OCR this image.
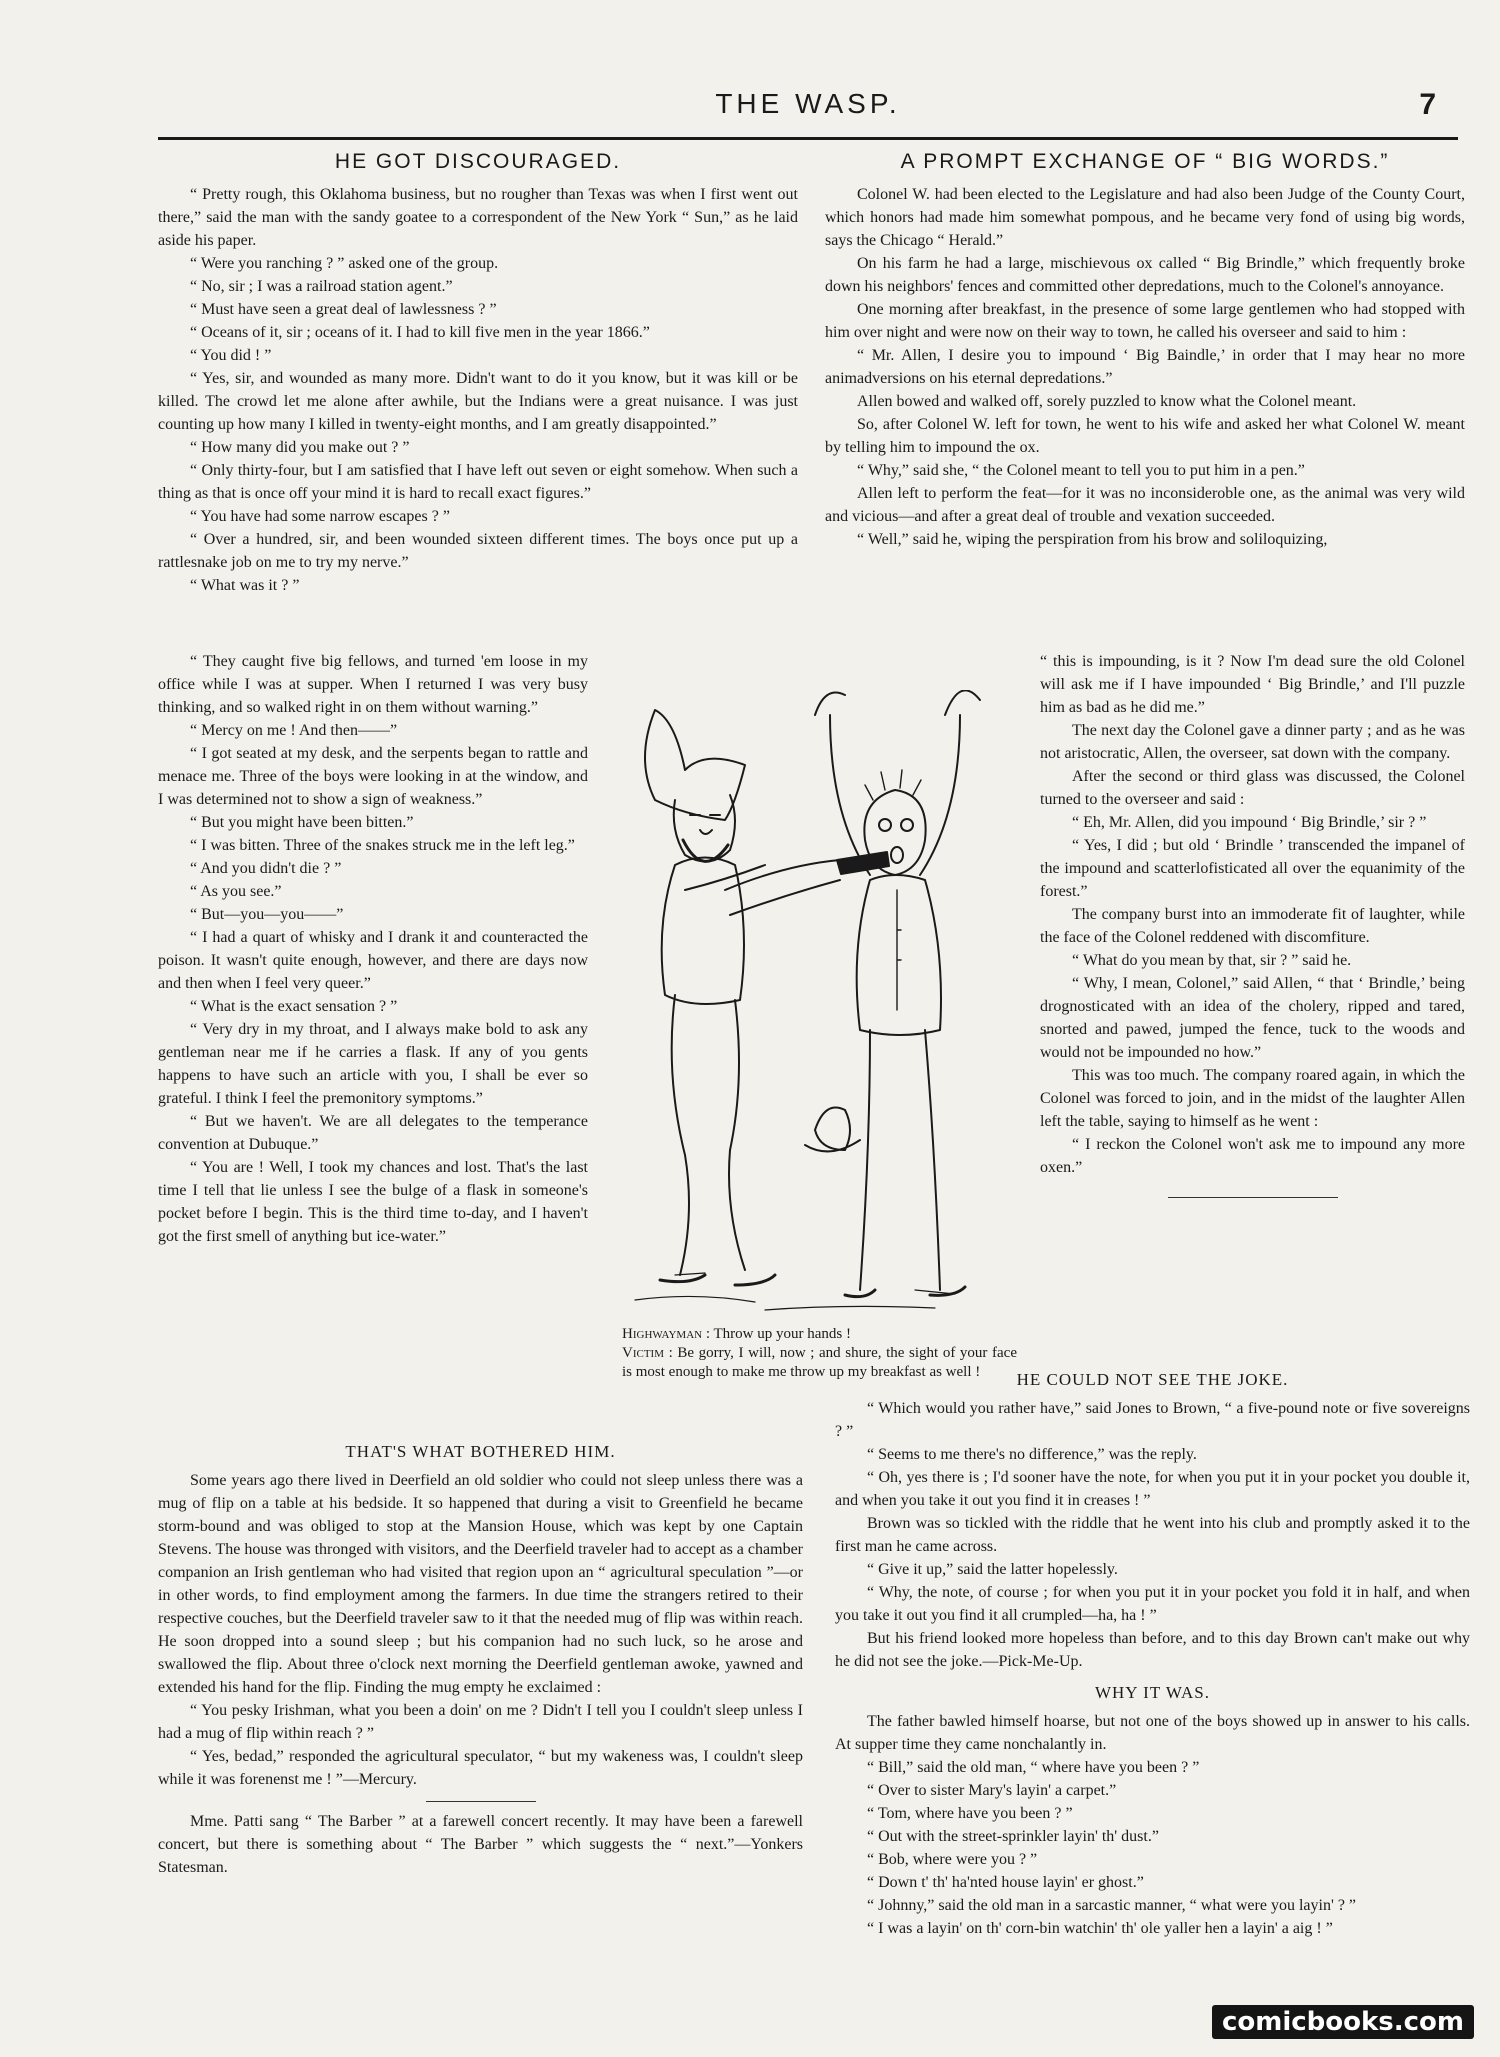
THE WASP.	7
HE GOT DISCOURAGED.

“ Pretty rough, this Oklahoma business, but no rougher than Texas was when I first went out there,” said the man with the sandy goatee to a correspondent of the New York “ Sun,” as he laid aside his paper.

“ Were you ranching ? ” asked one of the group.

“ No, sir ; I was a railroad station agent.”

“ Must have seen a great deal of lawlessness ? ”

“ Oceans of it, sir ; oceans of it. I had to kill five men in the year 1866.”

“ You did ! ”

“ Yes, sir, and wounded as many more. Didn't want to do it you know, but it was kill or be killed. The crowd let me alone after awhile, but the Indians were a great nuisance. I was just counting up how many I killed in twenty-eight months, and I am greatly disappointed.”

“ How many did you make out ? ”

“ Only thirty-four, but I am satisfied that I have left out seven or eight somehow. When such a thing as that is once off your mind it is hard to recall exact figures.”

“ You have had some narrow escapes ? ”

“ Over a hundred, sir, and been wounded sixteen different times. The boys once put up a rattlesnake job on me to try my nerve.”

“ What was it ? ”

“ They caught five big fellows, and turned 'em loose in my office while I was at supper. When I returned I was very busy thinking, and so walked right in on them without warning.”

“ Mercy on me ! And then——”

“ I got seated at my desk, and the serpents began to rattle and menace me. Three of the boys were looking in at the window, and I was determined not to show a sign of weakness.”

“ But you might have been bitten.”

“ I was bitten. Three of the snakes struck me in the left leg.”

“ And you didn't die ? ”

“ As you see.”

“ But—you—you——”

“ I had a quart of whisky and I drank it and counteracted the poison. It wasn't quite enough, however, and there are days now and then when I feel very queer.”

“ What is the exact sensation ? ”

“ Very dry in my throat, and I always make bold to ask any gentleman near me if he carries a flask. If any of you gents happens to have such an article with you, I shall be ever so grateful. I think I feel the premonitory symptoms.”

“ But we haven't. We are all delegates to the temperance convention at Dubuque.”

“ You are ! Well, I took my chances and lost. That's the last time I tell that lie unless I see the bulge of a flask in someone's pocket before I begin. This is the third time to-day, and I haven't got the first smell of anything but ice-water.”

A PROMPT EXCHANGE OF “ BIG WORDS.”

Colonel W. had been elected to the Legislature and had also been Judge of the County Court, which honors had made him somewhat pompous, and he became very fond of using big words, says the Chicago “ Herald.”

On his farm he had a large, mischievous ox called “ Big Brindle,” which frequently broke down his neighbors' fences and committed other depredations, much to the Colonel's annoyance.

One morning after breakfast, in the presence of some large gentlemen who had stopped with him over night and were now on their way to town, he called his overseer and said to him :

“ Mr. Allen, I desire you to impound ‘ Big Baindle,’ in order that I may hear no more animadversions on his eternal depredations.”

Allen bowed and walked off, sorely puzzled to know what the Colonel meant.

So, after Colonel W. left for town, he went to his wife and asked her what Colonel W. meant by telling him to impound the ox.

“ Why,” said she, “ the Colonel meant to tell you to put him in a pen.”

Allen left to perform the feat—for it was no inconsideroble one, as the animal was very wild and vicious—and after a great deal of trouble and vexation succeeded.

“ Well,” said he, wiping the perspiration from his brow and soliloquizing,

“ this is impounding, is it ? Now I'm dead sure the old Colonel will ask me if I have impounded ‘ Big Brindle,’ and I'll puzzle him as bad as he did me.”

The next day the Colonel gave a dinner party ; and as he was not aristocratic, Allen, the overseer, sat down with the company.

After the second or third glass was discussed, the Colonel turned to the overseer and said :

“ Eh, Mr. Allen, did you impound ‘ Big Brindle,’ sir ? ”

“ Yes, I did ; but old ‘ Brindle ’ transcended the impanel of the impound and scatterlofisticated all over the equanimity of the forest.”

The company burst into an immoderate fit of laughter, while the face of the Colonel reddened with discomfiture.

“ What do you mean by that, sir ? ” said he.

“ Why, I mean, Colonel,” said Allen, “ that ‘ Brindle,’ being drognosticated with an idea of the cholery, ripped and tared, snorted and pawed, jumped the fence, tuck to the woods and would not be impounded no how.”

This was too much. The company roared again, in which the Colonel was forced to join, and in the midst of the laughter Allen left the table, saying to himself as he went :

“ I reckon the Colonel won't ask me to impound any more oxen.”

Highwayman : Throw up your hands !

Victim : Be gorry, I will, now ; and shure, the sight of your face is most enough to make me throw up my breakfast as well !

THAT'S WHAT BOTHERED HIM.

Some years ago there lived in Deerfield an old soldier who could not sleep unless there was a mug of flip on a table at his bedside. It so happened that during a visit to Greenfield he became storm-bound and was obliged to stop at the Mansion House, which was kept by one Captain Stevens. The house was thronged with visitors, and the Deerfield traveler had to accept as a chamber companion an Irish gentleman who had visited that region upon an “ agricultural speculation ”—or in other words, to find employment among the farmers. In due time the strangers retired to their respective couches, but the Deerfield traveler saw to it that the needed mug of flip was within reach. He soon dropped into a sound sleep ; but his companion had no such luck, so he arose and swallowed the flip. About three o'clock next morning the Deerfield gentleman awoke, yawned and extended his hand for the flip. Finding the mug empty he exclaimed :

“ You pesky Irishman, what you been a doin' on me ? Didn't I tell you I couldn't sleep unless I had a mug of flip within reach ? ”

“ Yes, bedad,” responded the agricultural speculator, “ but my wakeness was, I couldn't sleep while it was forenenst me ! ”—Mercury.

Mme. Patti sang “ The Barber ” at a farewell concert recently. It may have been a farewell concert, but there is something about “ The Barber ” which suggests the “ next.”—Yonkers Statesman.

HE COULD NOT SEE THE JOKE.

“ Which would you rather have,” said Jones to Brown, “ a five-pound note or five sovereigns ? ”

“ Seems to me there's no difference,” was the reply.

“ Oh, yes there is ; I'd sooner have the note, for when you put it in your pocket you double it, and when you take it out you find it in creases ! ”

Brown was so tickled with the riddle that he went into his club and promptly asked it to the first man he came across.

“ Give it up,” said the latter hopelessly.

“ Why, the note, of course ; for when you put it in your pocket you fold it in half, and when you take it out you find it all crumpled—ha, ha ! ”

But his friend looked more hopeless than before, and to this day Brown can't make out why he did not see the joke.—Pick-Me-Up.

WHY IT WAS.

The father bawled himself hoarse, but not one of the boys showed up in answer to his calls. At supper time they came nonchalantly in.

“ Bill,” said the old man, “ where have you been ? ”

“ Over to sister Mary's layin' a carpet.”

“ Tom, where have you been ? ”

“ Out with the street-sprinkler layin' th' dust.”

“ Bob, where were you ? ”

“ Down t' th' ha'nted house layin' er ghost.”

“ Johnny,” said the old man in a sarcastic manner, “ what were you layin' ? ”

“ I was a layin' on th' corn-bin watchin' th' ole yaller hen a layin' a aig ! ”

comicbooks.com
